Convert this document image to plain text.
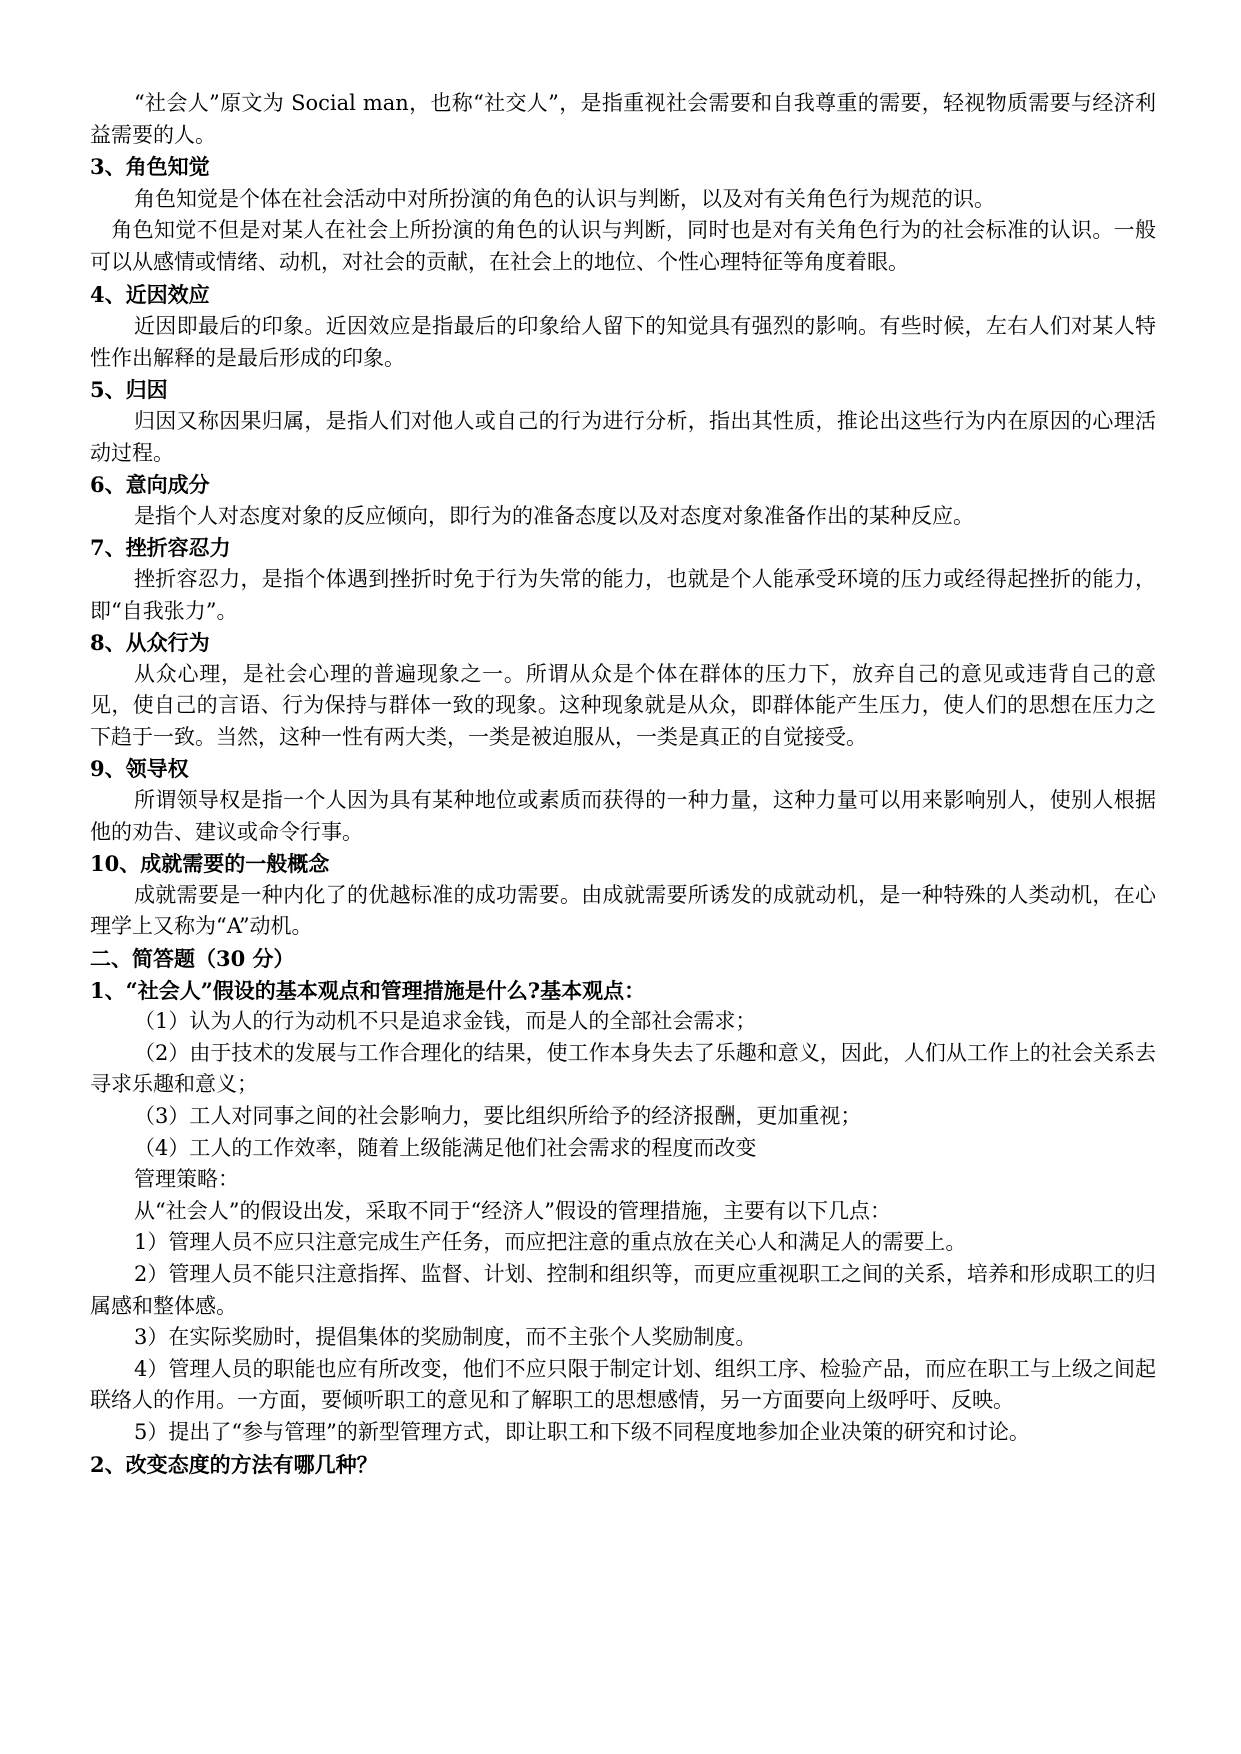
“社会人”原文为 Social man，也称“社交人”，是指重视社会需要和自我尊重的需要，轻视物质需要与经济利益需要的人。　

3、角色知觉　

角色知觉是个体在社会活动中对所扮演的角色的认识与判断，以及对有关角色行为规范的识。

　角色知觉不但是对某人在社会上所扮演的角色的认识与判断，同时也是对有关角色行为的社会标准的认识。一般可以从感情或情绪、动机，对社会的贡献，在社会上的地位、个性心理特征等角度着眼。　

4、近因效应　

近因即最后的印象。近因效应是指最后的印象给人留下的知觉具有强烈的影响。有些时候，左右人们对某人特性作出解释的是最后形成的印象。　

5、归因

归因又称因果归属，是指人们对他人或自己的行为进行分析，指出其性质，推论出这些行为内在原因的心理活动过程。　

6、意向成分

是指个人对态度对象的反应倾向，即行为的准备态度以及对态度对象准备作出的某种反应。　

7、挫折容忍力

挫折容忍力，是指个体遇到挫折时免于行为失常的能力，也就是个人能承受环境的压力或经得起挫折的能力，即“自我张力”。　

8、从众行为

从众心理，是社会心理的普遍现象之一。所谓从众是个体在群体的压力下，放弃自己的意见或违背自己的意见，使自己的言语、行为保持与群体一致的现象。这种现象就是从众，即群体能产生压力，使人们的思想在压力之下趋于一致。当然，这种一性有两大类，一类是被迫服从，一类是真正的自觉接受。

9、领导权

所谓领导权是指一个人因为具有某种地位或素质而获得的一种力量，这种力量可以用来影响别人，使别人根据他的劝告、建议或命令行事。

10、成就需要的一般概念

成就需要是一种内化了的优越标准的成功需要。由成就需要所诱发的成就动机，是一种特殊的人类动机，在心理学上又称为“A”动机。

二、简答题（30 分）

1、“社会人”假设的基本观点和管理措施是什么?基本观点：

（1）认为人的行为动机不只是追求金钱，而是人的全部社会需求；

（2）由于技术的发展与工作合理化的结果，使工作本身失去了乐趣和意义，因此，人们从工作上的社会关系去寻求乐趣和意义；

（3）工人对同事之间的社会影响力，要比组织所给予的经济报酬，更加重视；

（4）工人的工作效率，随着上级能满足他们社会需求的程度而改变

管理策略：　

从“社会人”的假设出发，采取不同于“经济人”假设的管理措施，主要有以下几点：　

1）管理人员不应只注意完成生产任务，而应把注意的重点放在关心人和满足人的需要上。

2）管理人员不能只注意指挥、监督、计划、控制和组织等，而更应重视职工之间的关系，培养和形成职工的归属感和整体感。　

3）在实际奖励时，提倡集体的奖励制度，而不主张个人奖励制度。　

4）管理人员的职能也应有所改变，他们不应只限于制定计划、组织工序、检验产品，而应在职工与上级之间起联络人的作用。一方面，要倾听职工的意见和了解职工的思想感情，另一方面要向上级呼吁、反映。　

5）提出了“参与管理”的新型管理方式，即让职工和下级不同程度地参加企业决策的研究和讨论。

2、改变态度的方法有哪几种？
